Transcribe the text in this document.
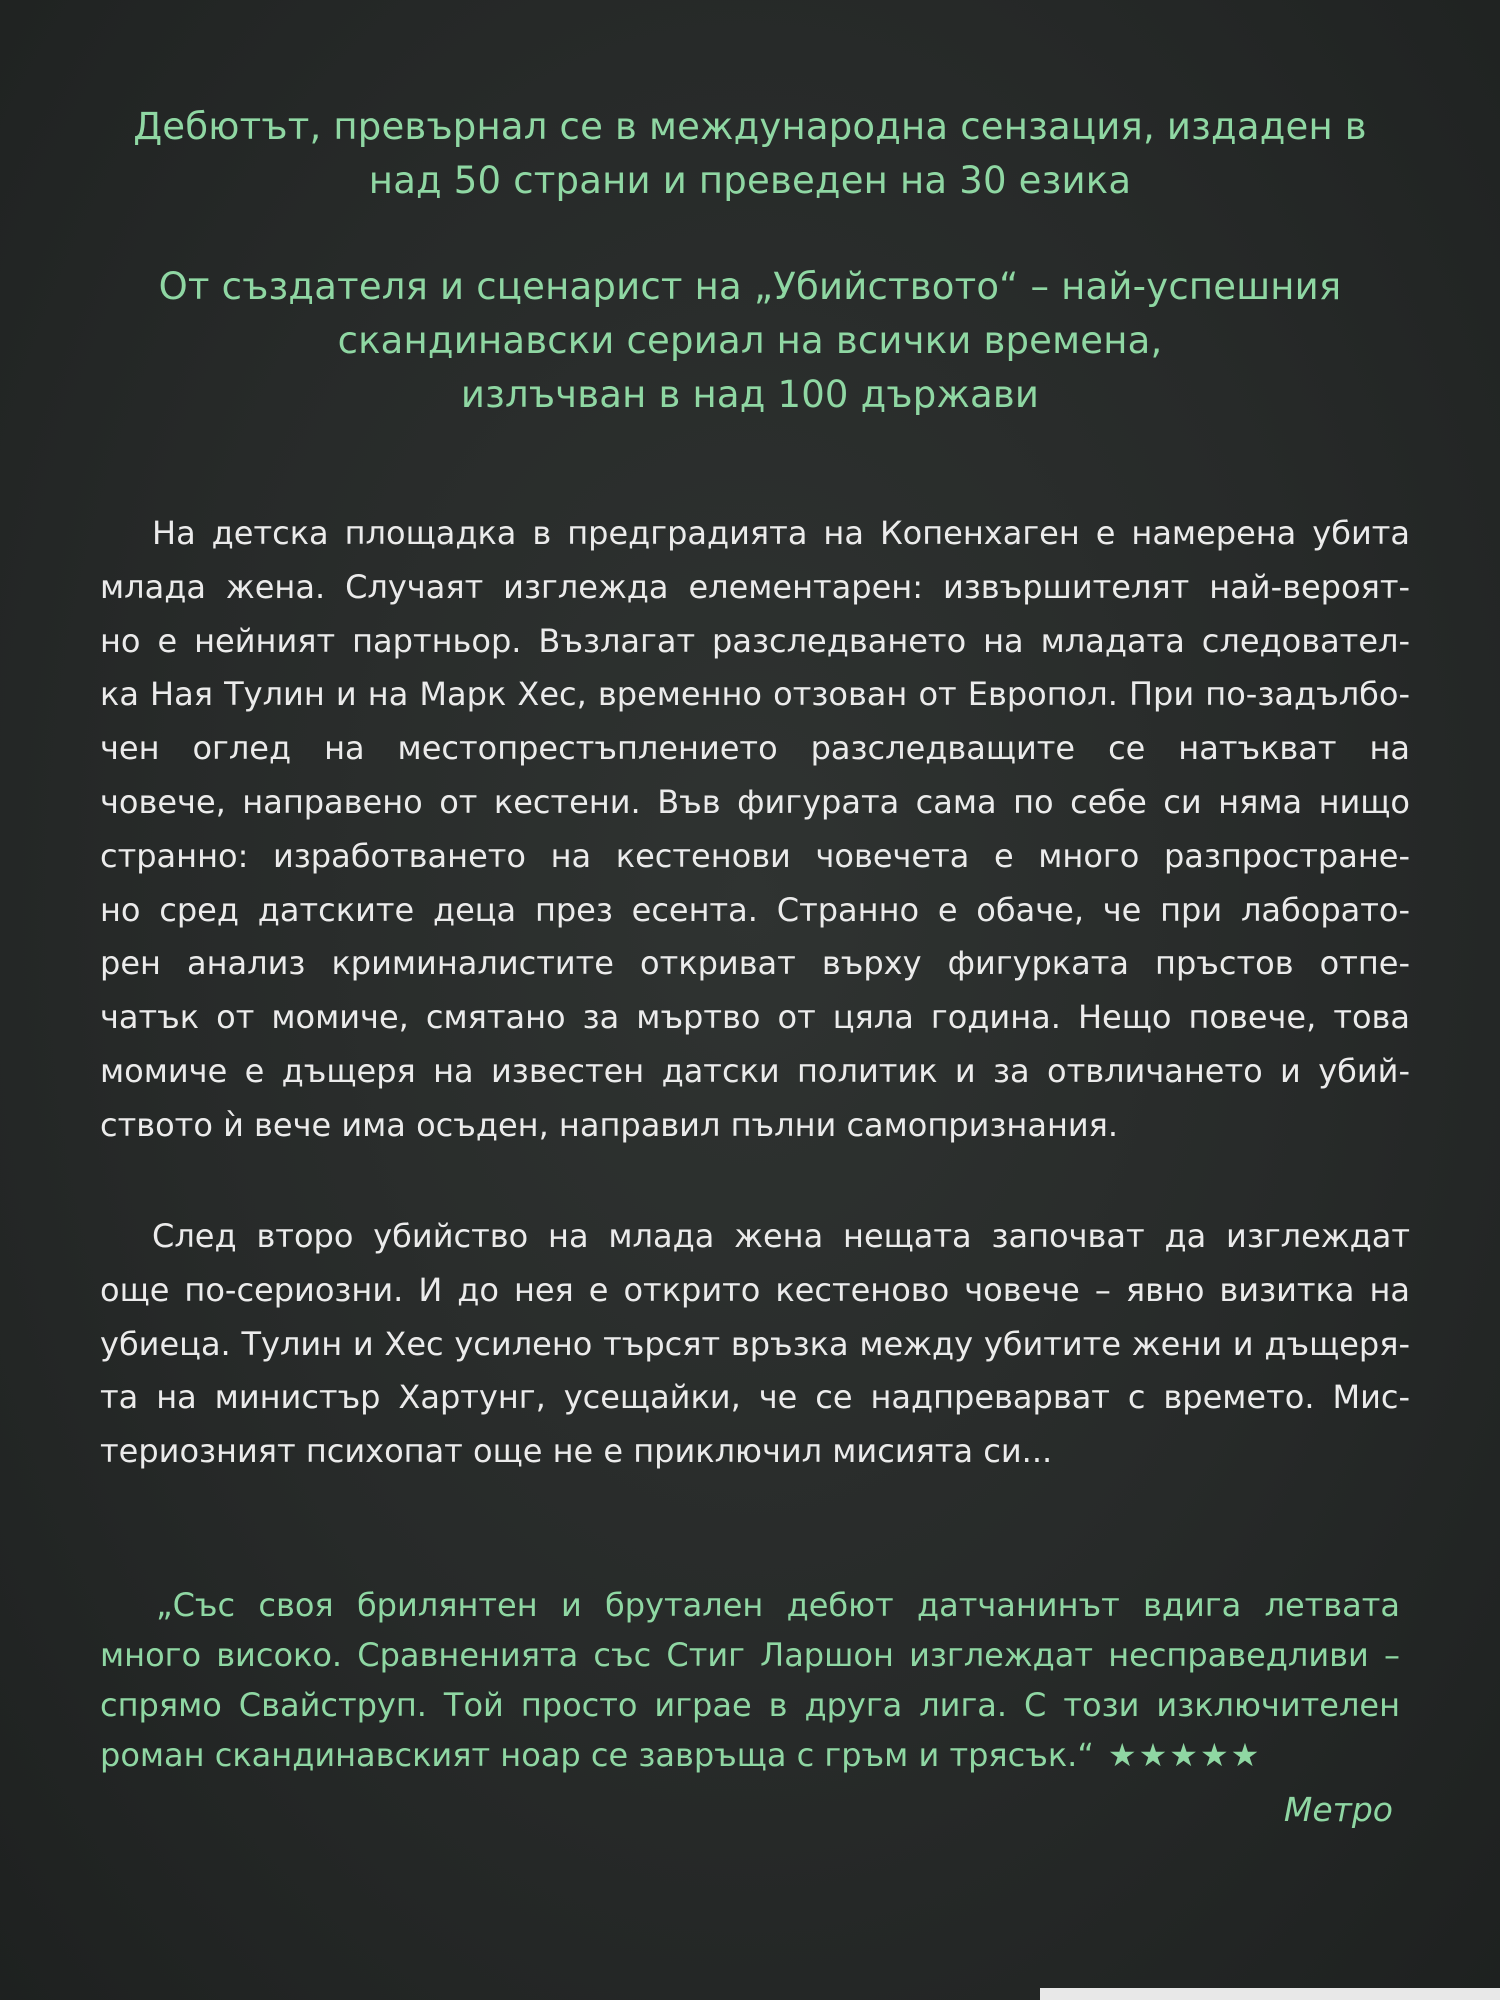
Дебютът, превърнал се в международна сензация, издаден в
над 50 страни и преведен на 30 езика
От създателя и сценарист на „Убийството“ – най-успешния
скандинавски сериал на всички времена,
излъчван в над 100 държави
На детска площадка в предградията на Копенхаген е намерена убита
млада жена. Случаят изглежда елементарен: извършителят най-вероят-
но е нейният партньор. Възлагат разследването на младата следовател-
ка Ная Тулин и на Марк Хес, временно отзован от Европол. При по-задълбо-
чен оглед на местопрестъплението разследващите се натъкват на
човече, направено от кестени. Във фигурата сама по себе си няма нищо
странно: изработването на кестенови човечета е много разпростране-
но сред датските деца през есента. Странно е обаче, че при лаборато-
рен анализ криминалистите откриват върху фигурката пръстов отпе-
чатък от момиче, смятано за мъртво от цяла година. Нещо повече, това
момиче е дъщеря на известен датски политик и за отвличането и убий-
ството ѝ вече има осъден, направил пълни самопризнания.
След второ убийство на млада жена нещата започват да изглеждат
още по-сериозни. И до нея е открито кестеново човече – явно визитка на
убиеца. Тулин и Хес усилено търсят връзка между убитите жени и дъщеря-
та на министър Хартунг, усещайки, че се надпреварват с времето. Мис-
териозният психопат още не е приключил мисията си...
„Със своя брилянтен и брутален дебют датчанинът вдига летвата
много високо. Сравненията със Стиг Ларшон изглеждат несправедливи –
спрямо Свайструп. Той просто играе в друга лига. С този изключителен
роман скандинавският ноар се завръща с гръм и трясък.“ ★★★★★
Метро
